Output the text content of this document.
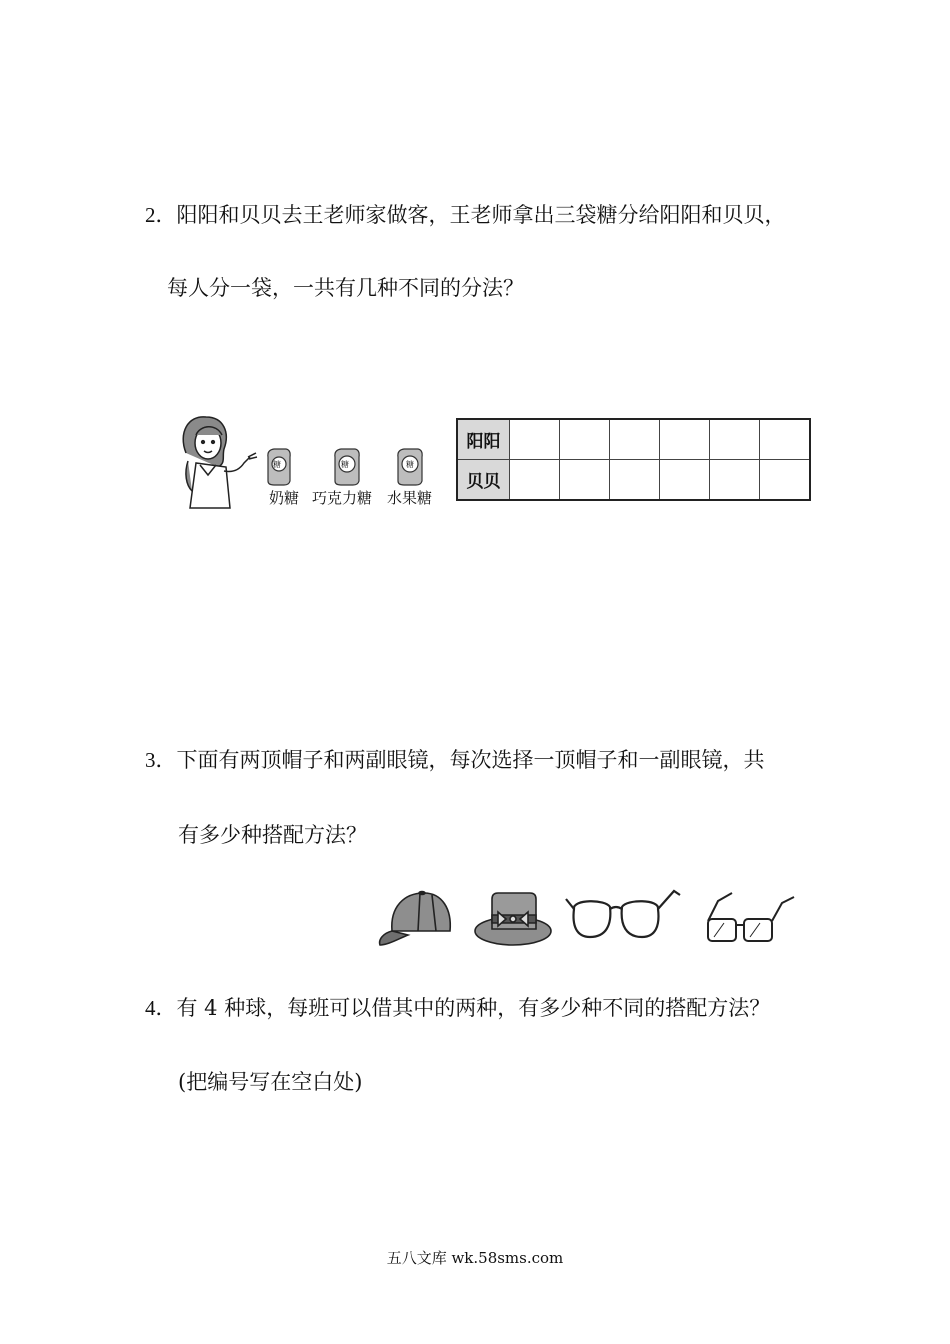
2．阳阳和贝贝去王老师家做客，王老师拿出三袋糖分给阳阳和贝贝，
每人分一袋，一共有几种不同的分法？
糖	糖	糖
奶糖 巧克力糖 水果糖
阳阳						
贝贝						
3．下面有两顶帽子和两副眼镜，每次选择一顶帽子和一副眼镜，共
有多少种搭配方法？
4．有 4 种球，每班可以借其中的两种，有多少种不同的搭配方法？
(把编号写在空白处)
五八文库 wk.58sms.com
